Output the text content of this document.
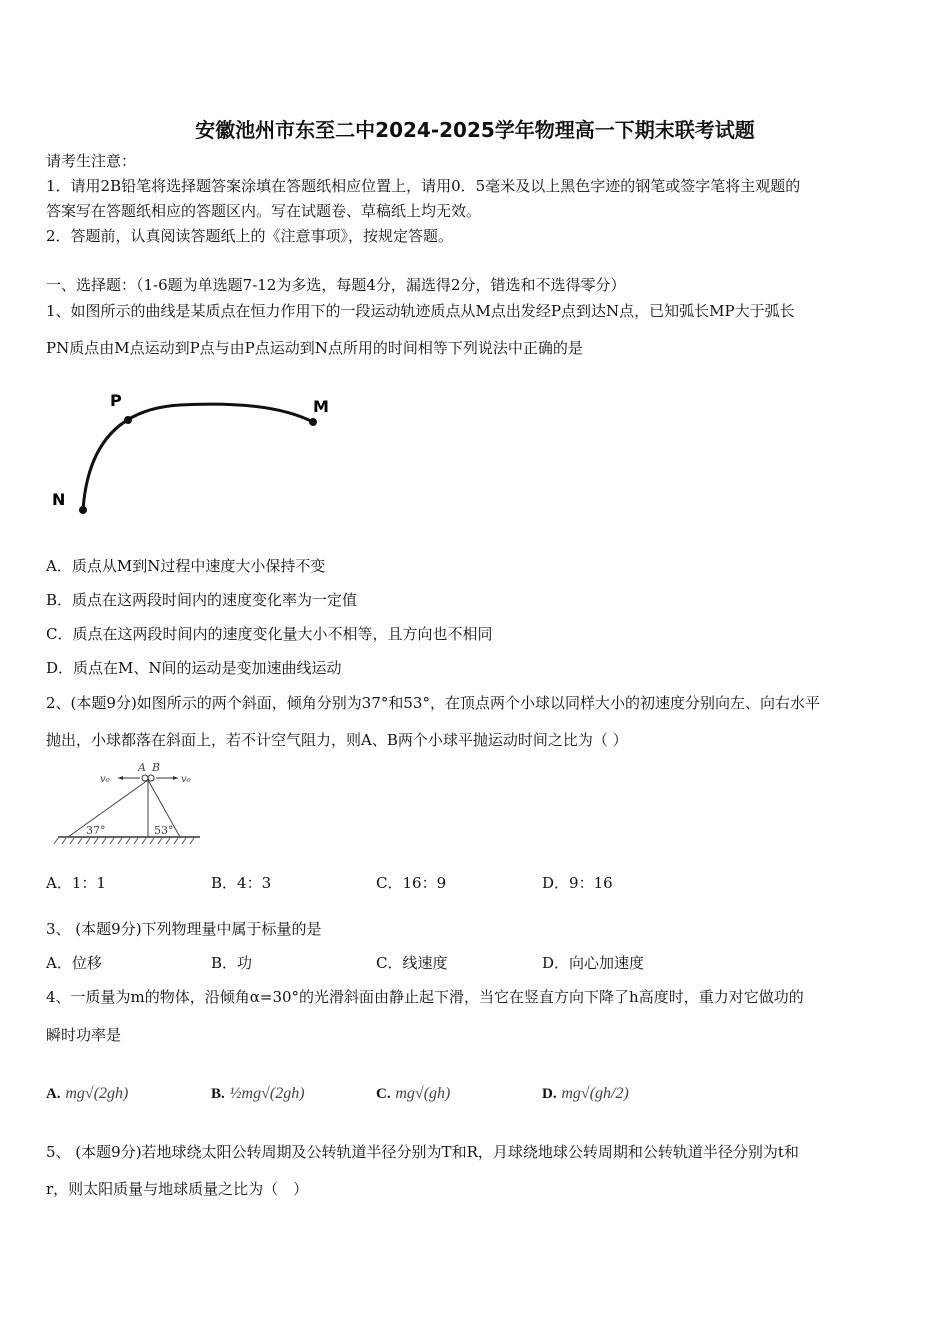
安徽池州市东至二中2024-2025学年物理高一下期末联考试题
请考生注意：
1．请用2B铅笔将选择题答案涂填在答题纸相应位置上，请用0．5毫米及以上黑色字迹的钢笔或签字笔将主观题的
答案写在答题纸相应的答题区内。写在试题卷、草稿纸上均无效。
2．答题前，认真阅读答题纸上的《注意事项》，按规定答题。
一、选择题：（1-6题为单选题7-12为多选，每题4分，漏选得2分，错选和不选得零分）
1、如图所示的曲线是某质点在恒力作用下的一段运动轨迹质点从M点出发经P点到达N点，已知弧长MP大于弧长
PN质点由M点运动到P点与由P点运动到N点所用的时间相等下列说法中正确的是
P	M
N
A．质点从M到N过程中速度大小保持不变
B．质点在这两段时间内的速度变化率为一定值
C．质点在这两段时间内的速度变化量大小不相等，且方向也不相同
D．质点在M、N间的运动是变加速曲线运动
2、(本题9分)如图所示的两个斜面，倾角分别为37°和53°，在顶点两个小球以同样大小的初速度分别向左、向右水平
抛出，小球都落在斜面上，若不计空气阻力，则A、B两个小球平抛运动时间之比为（ ）
A B
v₀	v₀
37°	53°
A．1：1	B．4：3	C．16：9	D．9：16
3、 (本题9分)下列物理量中属于标量的是
A．位移	B．功	C．线速度	D．向心加速度
4、一质量为m的物体，沿倾角α=30°的光滑斜面由静止起下滑，当它在竖直方向下降了h高度时，重力对它做功的
瞬时功率是
A. mg√(2gh)	B. ½mg√(2gh)	C. mg√(gh)	D. mg√(gh/2)
5、 (本题9分)若地球绕太阳公转周期及公转轨道半径分别为T和R，月球绕地球公转周期和公转轨道半径分别为t和
r，则太阳质量与地球质量之比为（　）
